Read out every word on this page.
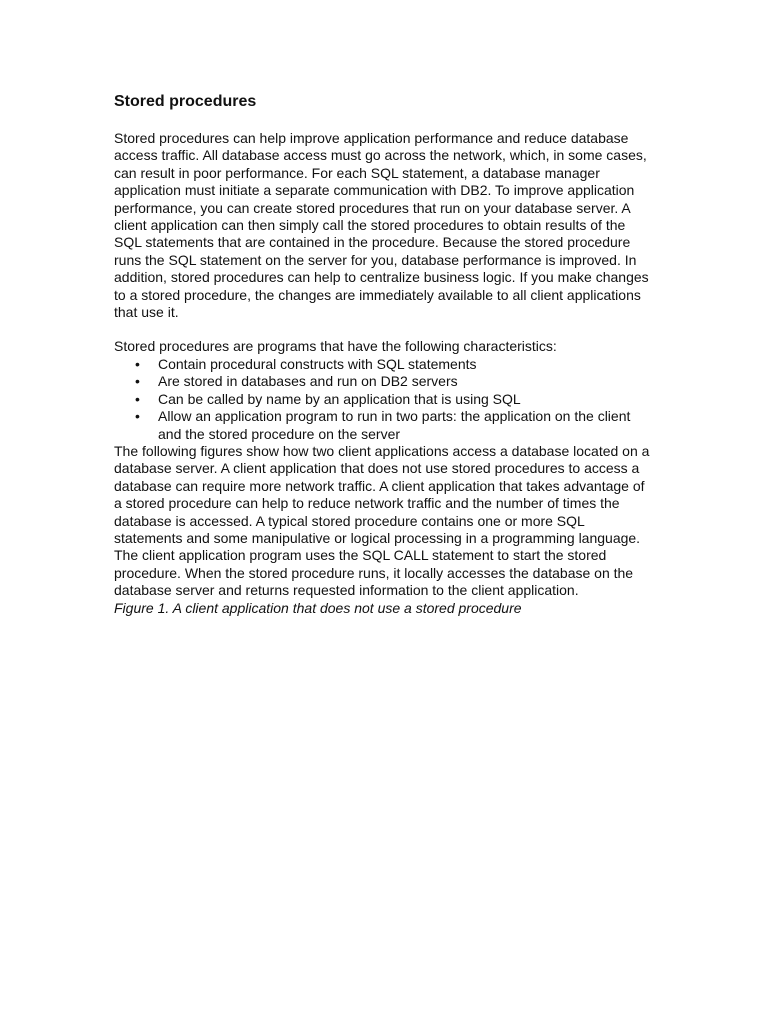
Stored procedures

Stored procedures can help improve application performance and reduce database access traffic. All database access must go across the network, which, in some cases, can result in poor performance. For each SQL statement, a database manager application must initiate a separate communication with DB2. To improve application performance, you can create stored procedures that run on your database server. A client application can then simply call the stored procedures to obtain results of the SQL statements that are contained in the procedure. Because the stored procedure runs the SQL statement on the server for you, database performance is improved. In addition, stored procedures can help to centralize business logic. If you make changes to a stored procedure, the changes are immediately available to all client applications that use it.

Stored procedures are programs that have the following characteristics:

• Contain procedural constructs with SQL statements
• Are stored in databases and run on DB2 servers
• Can be called by name by an application that is using SQL
• Allow an application program to run in two parts: the application on the client and the stored procedure on the server

The following figures show how two client applications access a database located on a database server. A client application that does not use stored procedures to access a database can require more network traffic. A client application that takes advantage of a stored procedure can help to reduce network traffic and the number of times the database is accessed. A typical stored procedure contains one or more SQL statements and some manipulative or logical processing in a programming language. The client application program uses the SQL CALL statement to start the stored procedure. When the stored procedure runs, it locally accesses the database on the database server and returns requested information to the client application.

Figure 1. A client application that does not use a stored procedure
